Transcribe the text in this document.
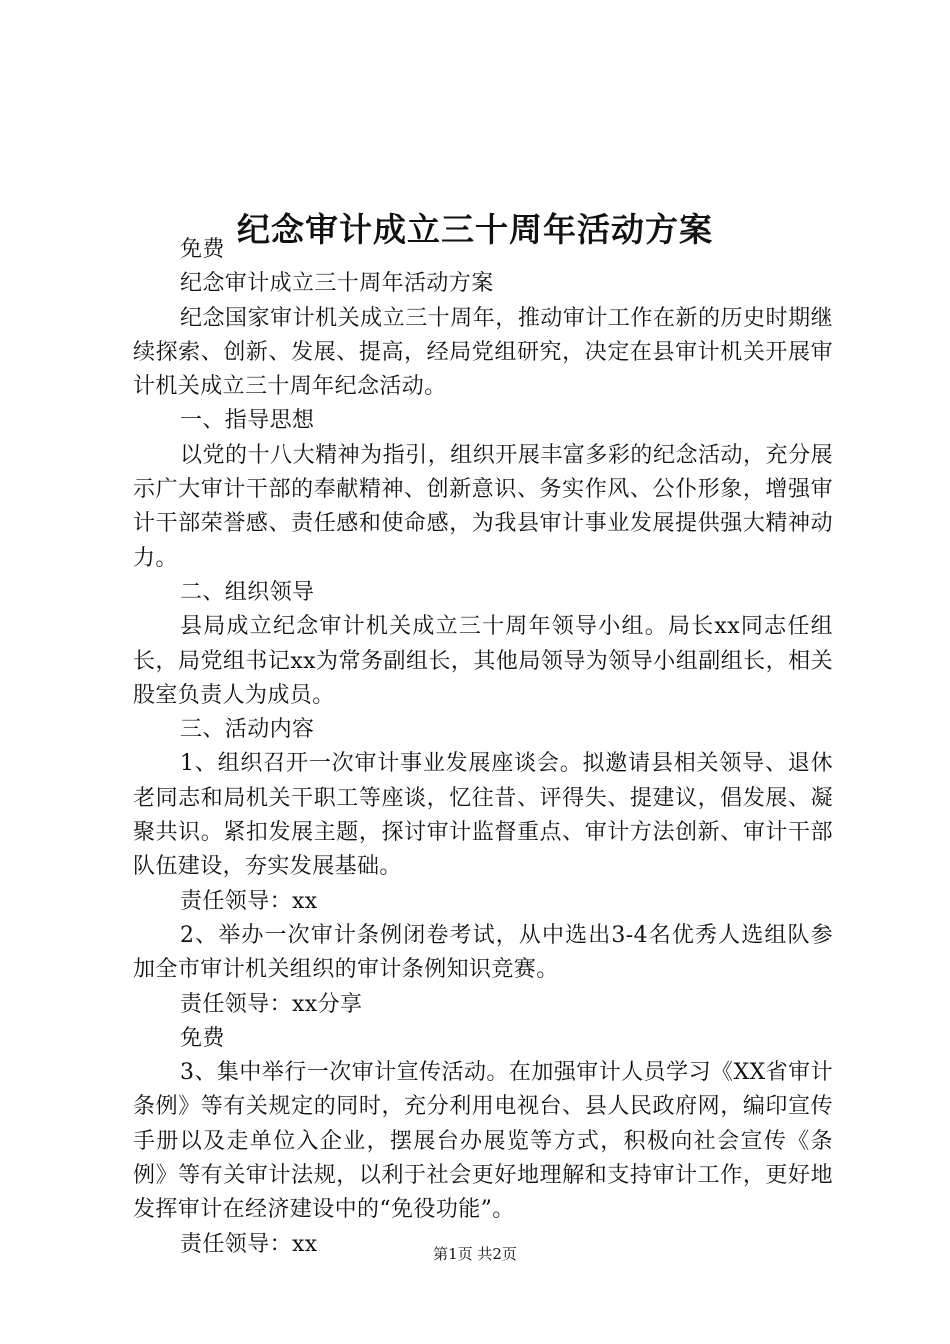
纪念审计成立三十周年活动方案

免费

纪念审计成立三十周年活动方案

纪念国家审计机关成立三十周年，推动审计工作在新的历史时期继续探索、创新、发展、提高，经局党组研究，决定在县审计机关开展审计机关成立三十周年纪念活动。

一、指导思想

以党的十八大精神为指引，组织开展丰富多彩的纪念活动，充分展示广大审计干部的奉献精神、创新意识、务实作风、公仆形象，增强审计干部荣誉感、责任感和使命感，为我县审计事业发展提供强大精神动力。

二、组织领导

县局成立纪念审计机关成立三十周年领导小组。局长xx同志任组长，局党组书记xx为常务副组长，其他局领导为领导小组副组长，相关股室负责人为成员。

三、活动内容

1、组织召开一次审计事业发展座谈会。拟邀请县相关领导、退休老同志和局机关干职工等座谈，忆往昔、评得失、提建议，倡发展、凝聚共识。紧扣发展主题，探讨审计监督重点、审计方法创新、审计干部队伍建设，夯实发展基础。

责任领导：xx

2、举办一次审计条例闭卷考试，从中选出3-4名优秀人选组队参加全市审计机关组织的审计条例知识竞赛。

责任领导：xx分享

免费

3、集中举行一次审计宣传活动。在加强审计人员学习《XX省审计条例》等有关规定的同时，充分利用电视台、县人民政府网，编印宣传手册以及走单位入企业，摆展台办展览等方式，积极向社会宣传《条例》等有关审计法规，以利于社会更好地理解和支持审计工作，更好地发挥审计在经济建设中的“免役功能”。

责任领导：xx	第1页 共2页
